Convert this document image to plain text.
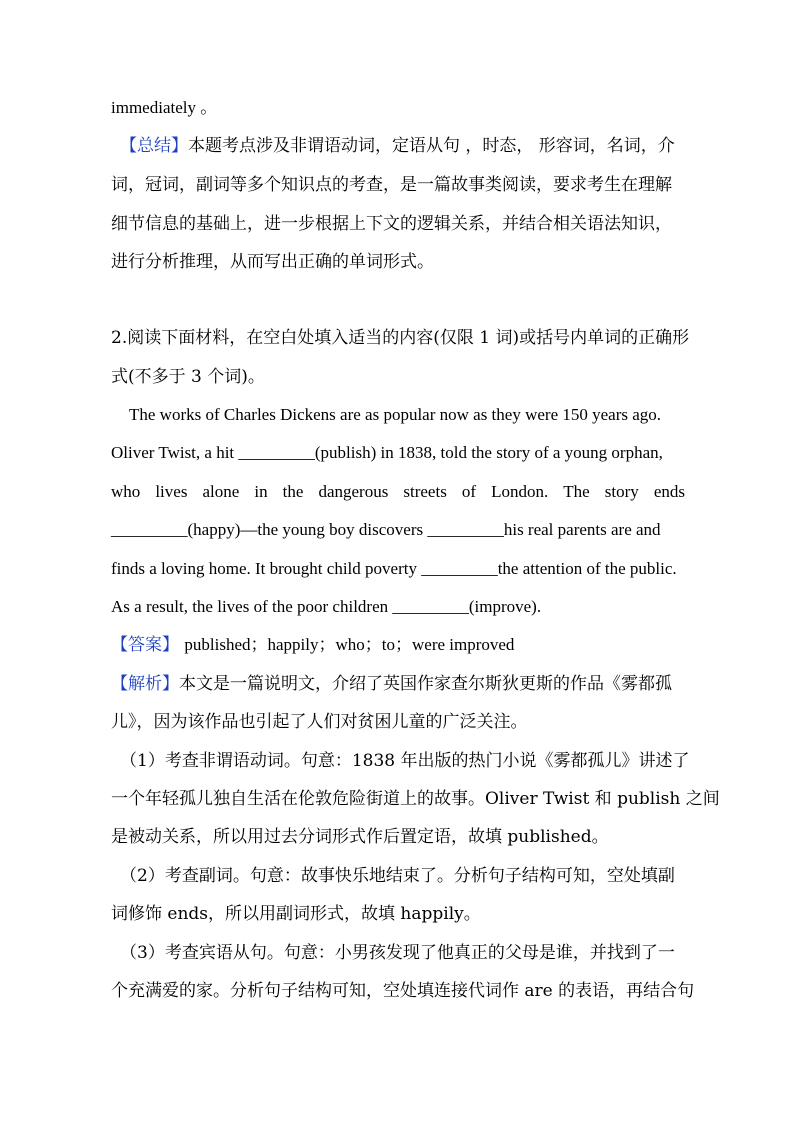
immediately 。
【总结】本题考点涉及非谓语动词，定语从句 ，时态， 形容词，名词，介
词，冠词，副词等多个知识点的考查，是一篇故事类阅读，要求考生在理解
细节信息的基础上，进一步根据上下文的逻辑关系，并结合相关语法知识，
进行分析推理，从而写出正确的单词形式。
2.阅读下面材料，在空白处填入适当的内容(仅限 1 词)或括号内单词的正确形
式(不多于 3 个词)。
The works of Charles Dickens are as popular now as they were 150 years ago.
Oliver Twist, a hit _________(publish) in 1838, told the story of a young orphan,
who lives alone in the dangerous streets of London. The story ends
_________(happy)—the young boy discovers _________his real parents are and
finds a loving home. It brought child poverty _________the attention of the public.
As a result, the lives of the poor children _________(improve).
【答案】 published；happily；who；to；were improved
【解析】本文是一篇说明文，介绍了英国作家查尔斯狄更斯的作品《雾都孤
儿》，因为该作品也引起了人们对贫困儿童的广泛关注。
（1）考查非谓语动词。句意：1838 年出版的热门小说《雾都孤儿》讲述了
一个年轻孤儿独自生活在伦敦危险街道上的故事。Oliver Twist 和 publish 之间
是被动关系，所以用过去分词形式作后置定语，故填 published。
（2）考查副词。句意：故事快乐地结束了。分析句子结构可知，空处填副
词修饰 ends，所以用副词形式，故填 happily。
（3）考查宾语从句。句意：小男孩发现了他真正的父母是谁，并找到了一
个充满爱的家。分析句子结构可知，空处填连接代词作 are 的表语，再结合句
